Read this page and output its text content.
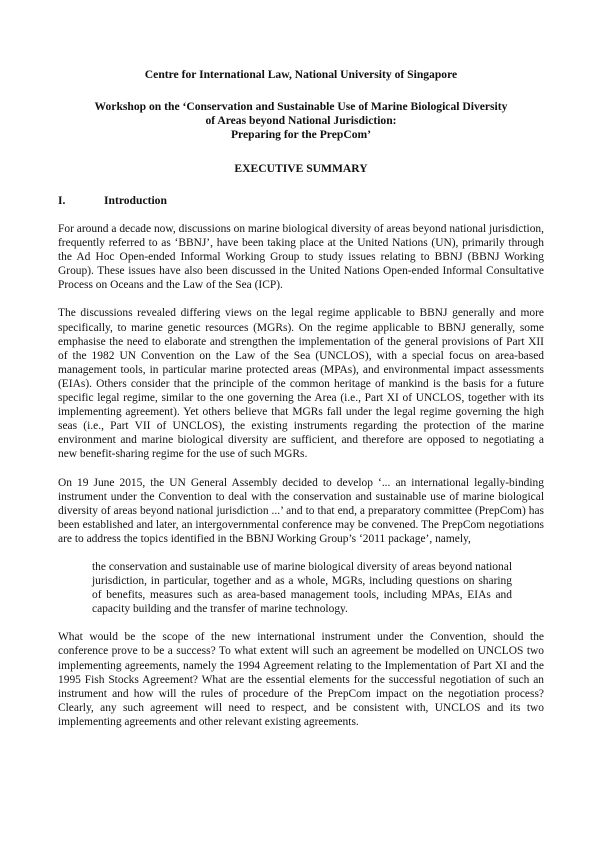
Centre for International Law, National University of Singapore
Workshop on the ‘Conservation and Sustainable Use of Marine Biological Diversity
of Areas beyond National Jurisdiction:
Preparing for the PrepCom’
EXECUTIVE SUMMARY
I.	Introduction

For around a decade now, discussions on marine biological diversity of areas beyond national jurisdiction, frequently referred to as ‘BBNJ’, have been taking place at the United Nations (UN), primarily through the Ad Hoc Open-ended Informal Working Group to study issues relating to BBNJ (BBNJ Working Group). These issues have also been discussed in the United Nations Open-ended Informal Consultative Process on Oceans and the Law of the Sea (ICP).

The discussions revealed differing views on the legal regime applicable to BBNJ generally and more specifically, to marine genetic resources (MGRs). On the regime applicable to BBNJ generally, some emphasise the need to elaborate and strengthen the implementation of the general provisions of Part XII of the 1982 UN Convention on the Law of the Sea (UNCLOS), with a special focus on area-based management tools, in particular marine protected areas (MPAs), and environmental impact assessments (EIAs). Others consider that the principle of the common heritage of mankind is the basis for a future specific legal regime, similar to the one governing the Area (i.e., Part XI of UNCLOS, together with its implementing agreement). Yet others believe that MGRs fall under the legal regime governing the high seas (i.e., Part VII of UNCLOS), the existing instruments regarding the protection of the marine environment and marine biological diversity are sufficient, and therefore are opposed to negotiating a new benefit-sharing regime for the use of such MGRs.

On 19 June 2015, the UN General Assembly decided to develop ‘... an international legally-binding instrument under the Convention to deal with the conservation and sustainable use of marine biological diversity of areas beyond national jurisdiction ...’ and to that end, a preparatory committee (PrepCom) has been established and later, an intergovernmental conference may be convened. The PrepCom negotiations are to address the topics identified in the BBNJ Working Group’s ‘2011 package’, namely,

the conservation and sustainable use of marine biological diversity of areas beyond national jurisdiction, in particular, together and as a whole, MGRs, including questions on sharing of benefits, measures such as area-based management tools, including MPAs, EIAs and capacity building and the transfer of marine technology.

What would be the scope of the new international instrument under the Convention, should the conference prove to be a success? To what extent will such an agreement be modelled on UNCLOS two implementing agreements, namely the 1994 Agreement relating to the Implementation of Part XI and the 1995 Fish Stocks Agreement? What are the essential elements for the successful negotiation of such an instrument and how will the rules of procedure of the PrepCom impact on the negotiation process? Clearly, any such agreement will need to respect, and be consistent with, UNCLOS and its two implementing agreements and other relevant existing agreements.
